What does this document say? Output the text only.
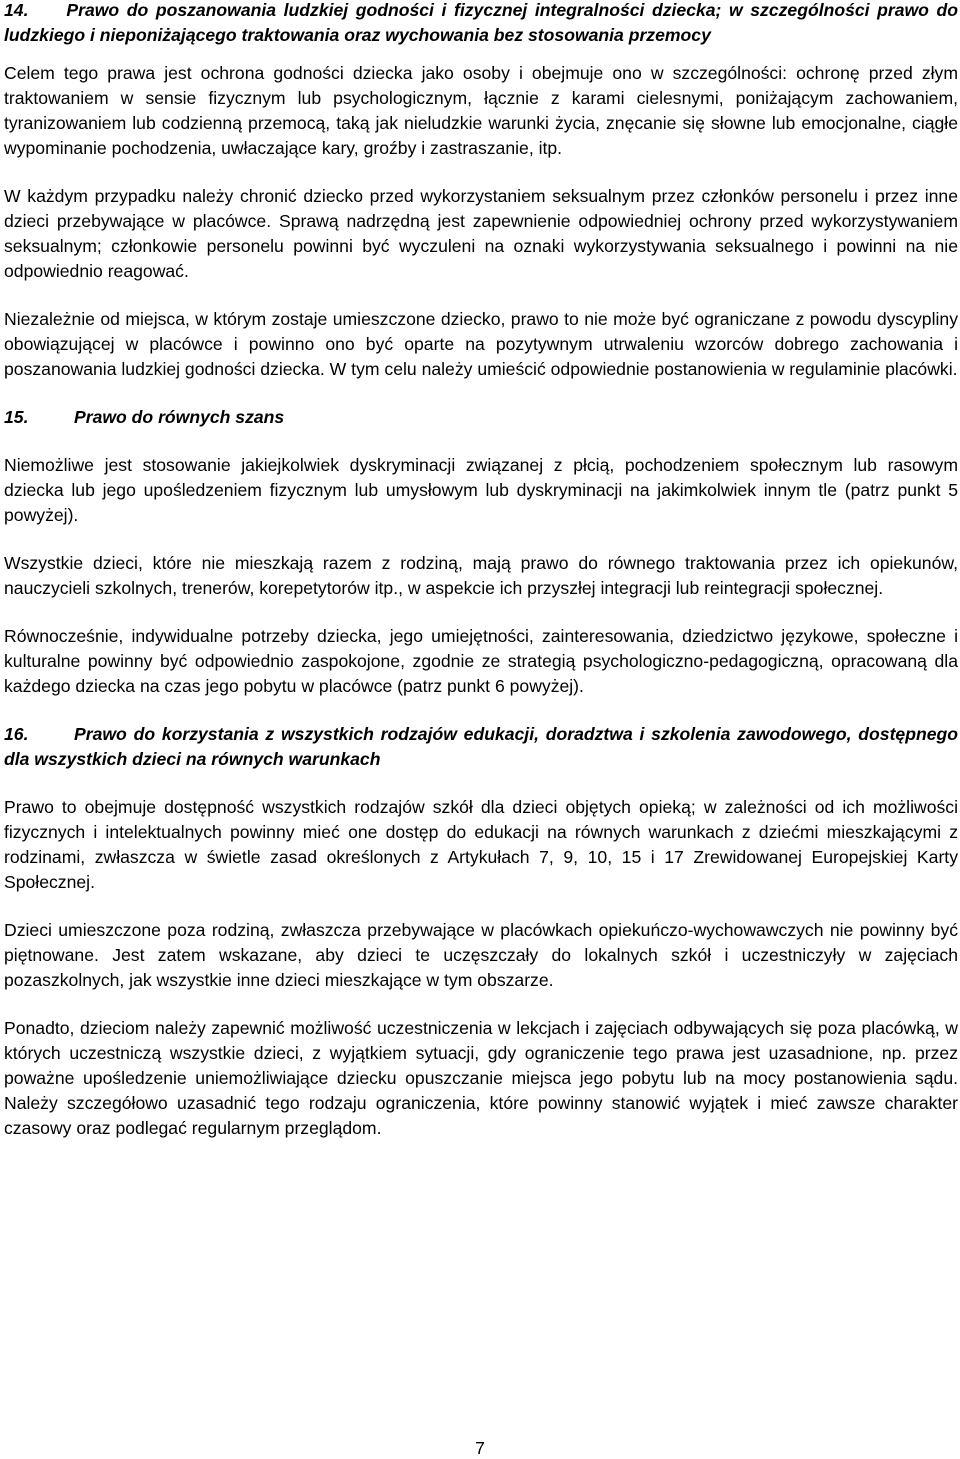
14. Prawo do poszanowania ludzkiej godności i fizycznej integralności dziecka; w szczególności prawo do ludzkiego i nieponiżającego traktowania oraz wychowania bez stosowania przemocy

Celem tego prawa jest ochrona godności dziecka jako osoby i obejmuje ono w szczególności: ochronę przed złym traktowaniem w sensie fizycznym lub psychologicznym, łącznie z karami cielesnymi, poniżającym zachowaniem, tyranizowaniem lub codzienną przemocą, taką jak nieludzkie warunki życia, znęcanie się słowne lub emocjonalne, ciągłe wypominanie pochodzenia, uwłaczające kary, groźby i zastraszanie, itp.

W każdym przypadku należy chronić dziecko przed wykorzystaniem seksualnym przez członków personelu i przez inne dzieci przebywające w placówce. Sprawą nadrzędną jest zapewnienie odpowiedniej ochrony przed wykorzystywaniem seksualnym; członkowie personelu powinni być wyczuleni na oznaki wykorzystywania seksualnego i powinni na nie odpowiednio reagować.

Niezależnie od miejsca, w którym zostaje umieszczone dziecko, prawo to nie może być ograniczane z powodu dyscypliny obowiązującej w placówce i powinno ono być oparte na pozytywnym utrwaleniu wzorców dobrego zachowania i poszanowania ludzkiej godności dziecka. W tym celu należy umieścić odpowiednie postanowienia w regulaminie placówki.

15.	Prawo do równych szans

Niemożliwe jest stosowanie jakiejkolwiek dyskryminacji związanej z płcią, pochodzeniem społecznym lub rasowym dziecka lub jego upośledzeniem fizycznym lub umysłowym lub dyskryminacji na jakimkolwiek innym tle (patrz punkt 5 powyżej).

Wszystkie dzieci, które nie mieszkają razem z rodziną, mają prawo do równego traktowania przez ich opiekunów, nauczycieli szkolnych, trenerów, korepetytorów itp., w aspekcie ich przyszłej integracji lub reintegracji społecznej.

Równocześnie, indywidualne potrzeby dziecka, jego umiejętności, zainteresowania, dziedzictwo językowe, społeczne i kulturalne powinny być odpowiednio zaspokojone, zgodnie ze strategią psychologiczno-pedagogiczną, opracowaną dla każdego dziecka na czas jego pobytu w placówce (patrz punkt 6 powyżej).

16.	Prawo do korzystania z wszystkich rodzajów edukacji, doradztwa i szkolenia zawodowego, dostępnego dla wszystkich dzieci na równych warunkach

Prawo to obejmuje dostępność wszystkich rodzajów szkół dla dzieci objętych opieką; w zależności od ich możliwości fizycznych i intelektualnych powinny mieć one dostęp do edukacji na równych warunkach z dziećmi mieszkającymi z rodzinami, zwłaszcza w świetle zasad określonych z Artykułach 7, 9, 10, 15 i 17 Zrewidowanej Europejskiej Karty Społecznej.

Dzieci umieszczone poza rodziną, zwłaszcza przebywające w placówkach opiekuńczo-wychowawczych nie powinny być piętnowane. Jest zatem wskazane, aby dzieci te uczęszczały do lokalnych szkół i uczestniczyły w zajęciach pozaszkolnych, jak wszystkie inne dzieci mieszkające w tym obszarze.

Ponadto, dzieciom należy zapewnić możliwość uczestniczenia w lekcjach i zajęciach odbywających się poza placówką, w których uczestniczą wszystkie dzieci, z wyjątkiem sytuacji, gdy ograniczenie tego prawa jest uzasadnione, np. przez poważne upośledzenie uniemożliwiające dziecku opuszczanie miejsca jego pobytu lub na mocy postanowienia sądu. Należy szczegółowo uzasadnić tego rodzaju ograniczenia, które powinny stanowić wyjątek i mieć zawsze charakter czasowy oraz podlegać regularnym przeglądom.

7
